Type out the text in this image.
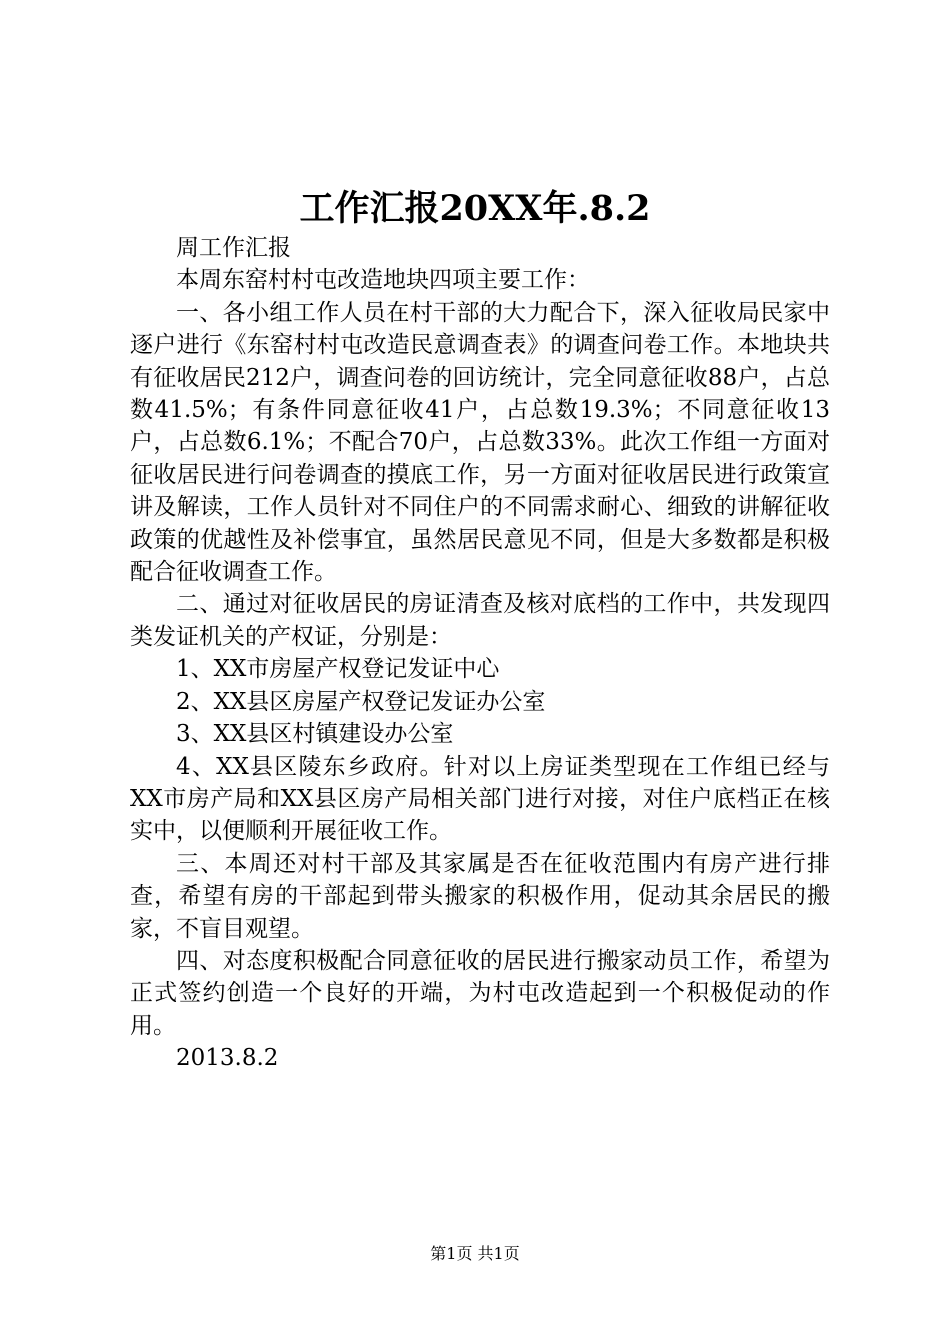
工作汇报20XX年.8.2

周工作汇报

本周东窑村村屯改造地块四项主要工作：

一、各小组工作人员在村干部的大力配合下，深入征收局民家中逐户进行《东窑村村屯改造民意调查表》的调查问卷工作。本地块共有征收居民212户，调查问卷的回访统计，完全同意征收88户，占总数41.5%；有条件同意征收41户，占总数19.3%；不同意征收13户，占总数6.1%；不配合70户，占总数33%。此次工作组一方面对征收居民进行问卷调查的摸底工作，另一方面对征收居民进行政策宣讲及解读，工作人员针对不同住户的不同需求耐心、细致的讲解征收政策的优越性及补偿事宜，虽然居民意见不同，但是大多数都是积极配合征收调查工作。

二、通过对征收居民的房证清查及核对底档的工作中，共发现四类发证机关的产权证，分别是：

1、XX市房屋产权登记发证中心

2、XX县区房屋产权登记发证办公室

3、XX县区村镇建设办公室

4、XX县区陵东乡政府。针对以上房证类型现在工作组已经与XX市房产局和XX县区房产局相关部门进行对接，对住户底档正在核实中，以便顺利开展征收工作。

三、本周还对村干部及其家属是否在征收范围内有房产进行排查，希望有房的干部起到带头搬家的积极作用，促动其余居民的搬家，不盲目观望。

四、对态度积极配合同意征收的居民进行搬家动员工作，希望为正式签约创造一个良好的开端，为村屯改造起到一个积极促动的作用。

2013.8.2

第1页 共1页
